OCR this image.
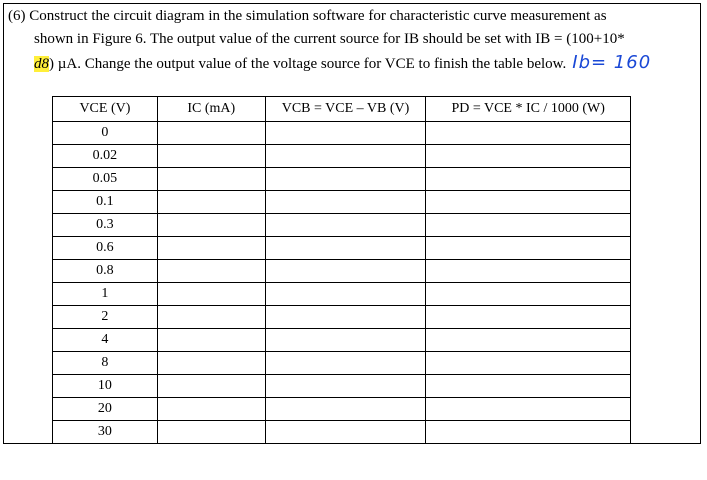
(6) Construct the circuit diagram in the simulation software for characteristic curve measurement as
shown in Figure 6. The output value of the current source for IB should be set with IB = (100+10*
d8) µA. Change the output value of the voltage source for VCE to finish the table below. Ib= 160
VCE (V)	IC (mA)	VCB = VCE – VB (V)	PD = VCE * IC / 1000 (W)
0			
0.02			
0.05			
0.1			
0.3			
0.6			
0.8			
1			
2			
4			
8			
10			
20			
30			
